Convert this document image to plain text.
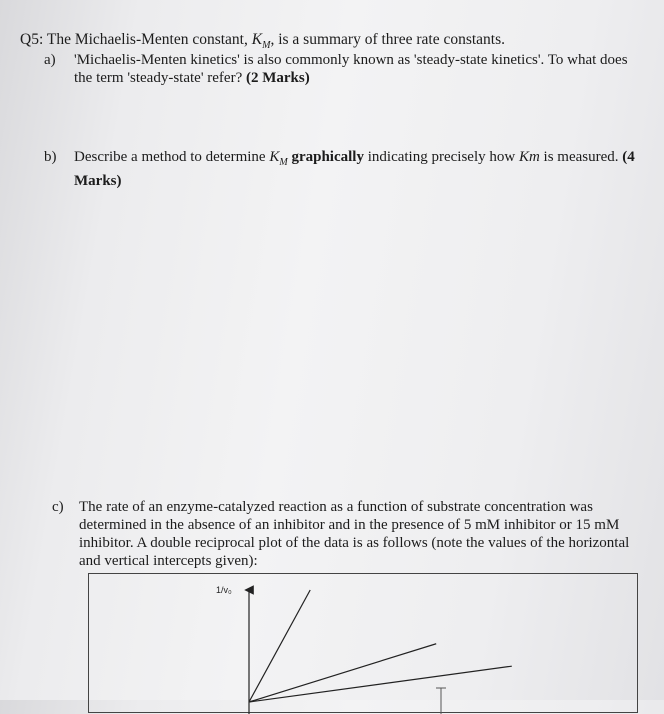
Q5: The Michaelis-Menten constant, $K_M$, is a summary of three rate constants.
a) 'Michaelis-Menten kinetics' is also commonly known as 'steady-state kinetics'. To what does the term 'steady-state' refer? (2 Marks)
b) Describe a method to determine $K_M$ graphically indicating precisely how Km is measured. (4 Marks)
c) The rate of an enzyme-catalyzed reaction as a function of substrate concentration was determined in the absence of an inhibitor and in the presence of 5 mM inhibitor or 15 mM inhibitor. A double reciprocal plot of the data is as follows (note the values of the horizontal and vertical intercepts given):
1/v₀
